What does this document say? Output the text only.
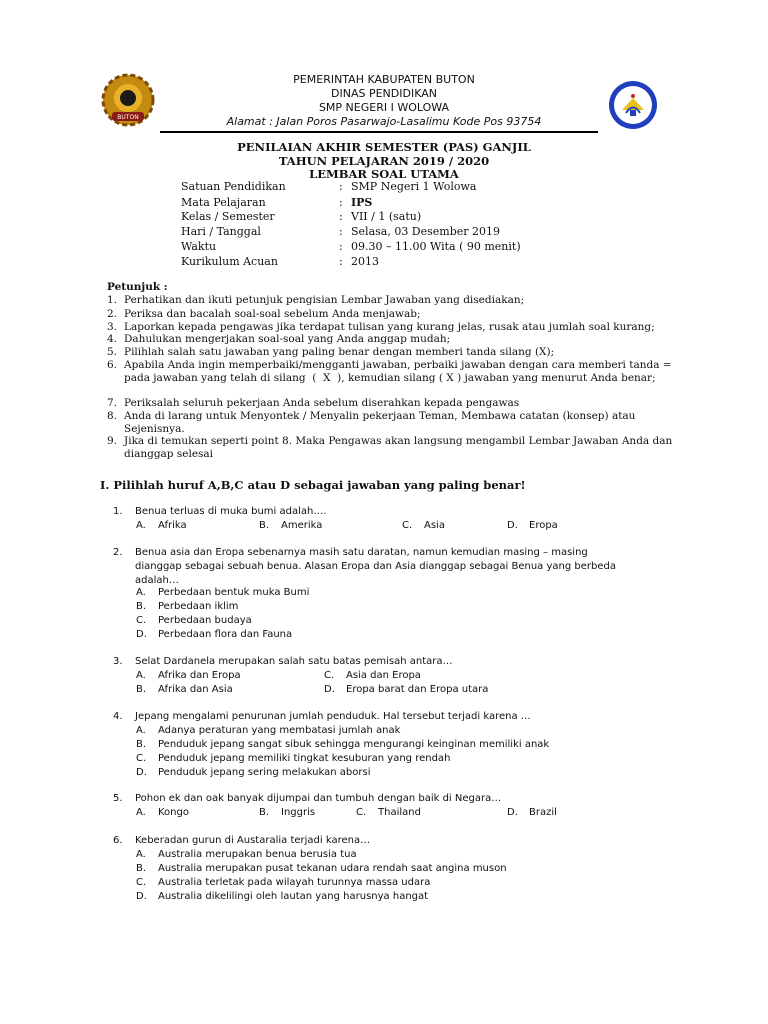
BUTON
PEMERINTAH KABUPATEN BUTON
DINAS PENDIDIKAN
SMP NEGERI I WOLOWA
Alamat : Jalan Poros Pasarwajo-Lasalimu Kode Pos 93754
PENILAIAN AKHIR SEMESTER (PAS) GANJIL
TAHUN PELAJARAN 2019 / 2020
LEMBAR SOAL UTAMA
Satuan Pendidikan	: SMP Negeri 1 Wolowa
Mata Pelajaran	: IPS
Kelas / Semester	: VII / 1 (satu)
Hari / Tanggal	: Selasa, 03 Desember 2019
Waktu	: 09.30 – 11.00 Wita ( 90 menit)
Kurikulum Acuan	: 2013
Petunjuk :
1. Perhatikan dan ikuti petunjuk pengisian Lembar Jawaban yang disediakan;
2. Periksa dan bacalah soal-soal sebelum Anda menjawab;
3. Laporkan kepada pengawas jika terdapat tulisan yang kurang jelas, rusak atau jumlah soal kurang;
4. Dahulukan mengerjakan soal-soal yang Anda anggap mudah;
5. Pilihlah salah satu jawaban yang paling benar dengan memberi tanda silang (X);
6. Apabila Anda ingin memperbaiki/mengganti jawaban, perbaiki jawaban dengan cara memberi tanda = pada jawaban yang telah di silang  (  X  ), kemudian silang ( X ) jawaban yang menurut Anda benar;
7. Periksalah seluruh pekerjaan Anda sebelum diserahkan kepada pengawas
8. Anda di larang untuk Menyontek / Menyalin pekerjaan Teman, Membawa catatan (konsep) atau Sejenisnya.
9. Jika di temukan seperti point 8. Maka Pengawas akan langsung mengambil Lembar Jawaban Anda dan dianggap selesai
I. Pilihlah huruf A,B,C atau D sebagai jawaban yang paling benar!
1.	Benua terluas di muka bumi adalah….
A. Afrika	B. Amerika	C. Asia	D. Eropa
2.	Benua asia dan Eropa sebenarnya masih satu daratan, namun kemudian masing – masing dianggap sebagai sebuah benua. Alasan Eropa dan Asia dianggap sebagai Benua yang berbeda adalah…
A. Perbedaan bentuk muka Bumi
B. Perbedaan iklim
C. Perbedaan budaya
D. Perbedaan flora dan Fauna
3.	Selat Dardanela merupakan salah satu batas pemisah antara…
A. Afrika dan Eropa
B. Afrika dan Asia
C. Asia dan Eropa
D. Eropa barat dan Eropa utara
4.	Jepang mengalami penurunan jumlah penduduk. Hal tersebut terjadi karena …
A. Adanya peraturan yang membatasi jumlah anak
B. Penduduk jepang sangat sibuk sehingga mengurangi keinginan memiliki anak
C. Penduduk jepang memiliki tingkat kesuburan yang rendah
D. Penduduk jepang sering melakukan aborsi
5.	Pohon ek dan oak banyak dijumpai dan tumbuh dengan baik di Negara…
A. Kongo	B. Inggris	C. Thailand	D. Brazil
6.	Keberadan gurun di Austaralia terjadi karena…
A. Australia merupakan benua berusia tua
B. Australia merupakan pusat tekanan udara rendah saat angina muson
C. Australia terletak pada wilayah turunnya massa udara
D. Australia dikelilingi oleh lautan yang harusnya hangat
